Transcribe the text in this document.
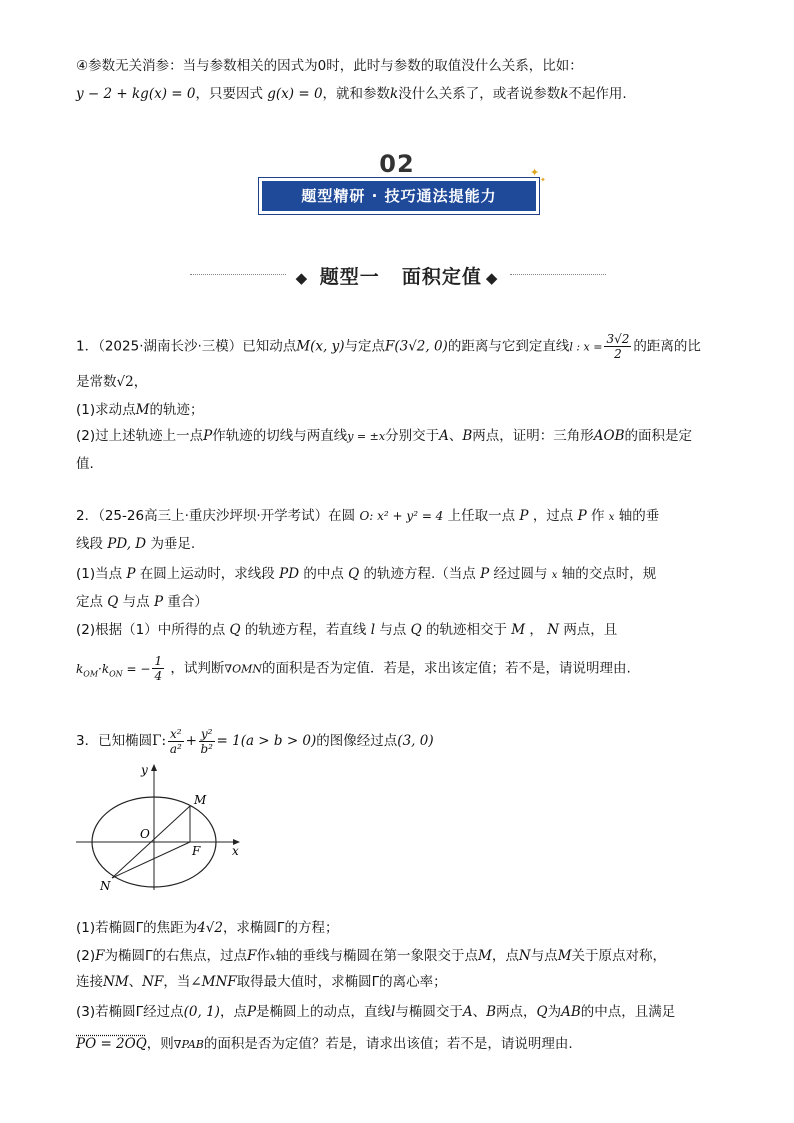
④参数无关消参：当与参数相关的因式为0时，此时与参数的取值没什么关系，比如：
y − 2 + kg(x) = 0，只要因式 g(x) = 0，就和参数k没什么关系了，或者说参数k不起作用.
02
题型精研 · 技巧通法提能力
✦
✦
◆ 题型一 面积定值 ◆
1．（2025·湖南长沙·三模）已知动点M(x, y)与定点F(3√2, 0)的距离与它到定直线l : $x = \frac{3√2}{2}$ 的距离的比
是常数√2，
(1)求动点M的轨迹；
(2)过上述轨迹上一点P作轨迹的切线与两直线y = ±x分别交于A、B两点，证明：三角形AOB的面积是定
值.
2．（25-26高三上·重庆沙坪坝·开学考试）在圆 O: x² + y² = 4 上任取一点 P ，过点 P 作 x 轴的垂
线段 PD, D 为垂足.
(1)当点 P 在圆上运动时，求线段 PD 的中点 Q 的轨迹方程.（当点 P 经过圆与 x 轴的交点时，规
定点 Q 与点 P 重合）
(2)根据（1）中所得的点 Q 的轨迹方程，若直线 l 与点 Q 的轨迹相交于 M ， N 两点，且
$k_{OM}\cdot k_{ON}$ = − $\frac{1}{4}$ ，试判断∇OMN的面积是否为定值．若是，求出该定值；若不是，请说明理由.
3．已知椭圆Γ: $\frac{\text{x²}}{\text{a²}} + \frac{\text{y²}}{\text{b²}} = 1(a > b > 0)$的图像经过点(3, 0)
y
x
O
M
F
N
(1)若椭圆Γ的焦距为4√2，求椭圆Γ的方程；
(2)F为椭圆Γ的右焦点，过点F作x轴的垂线与椭圆在第一象限交于点M，点N与点M关于原点对称，
连接NM、NF，当∠MNF取得最大值时，求椭圆Γ的离心率；
(3)若椭圆Γ经过点(0, 1)，点P是椭圆上的动点，直线l与椭圆交于A、B两点，Q为AB的中点，且满足
PO = 2OQ，则∇PAB的面积是否为定值？若是，请求出该值；若不是，请说明理由.
